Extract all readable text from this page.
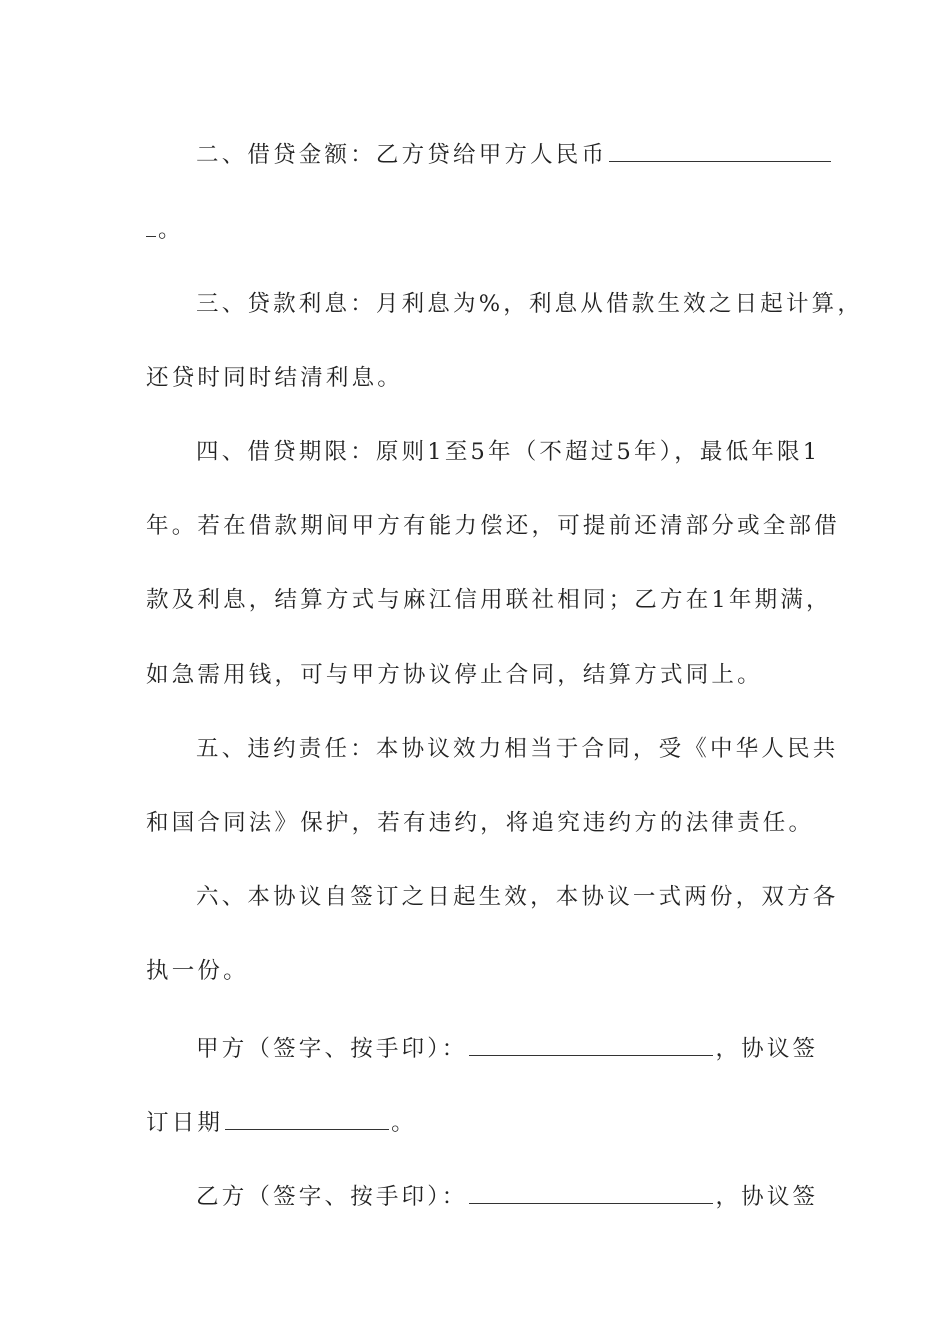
二、借贷金额：乙方贷给甲方人民币
。
三、贷款利息：月利息为%，利息从借款生效之日起计算，
还贷时同时结清利息。
四、借贷期限：原则1至5年（不超过5年），最低年限1
年。若在借款期间甲方有能力偿还，可提前还清部分或全部借
款及利息，结算方式与麻江信用联社相同；乙方在1年期满，
如急需用钱，可与甲方协议停止合同，结算方式同上。
五、违约责任：本协议效力相当于合同，受《中华人民共
和国合同法》保护，若有违约，将追究违约方的法律责任。
六、本协议自签订之日起生效，本协议一式两份，双方各
执一份。
甲方（签字、按手印）：	，协议签
订日期	。
乙方（签字、按手印）：	，协议签
